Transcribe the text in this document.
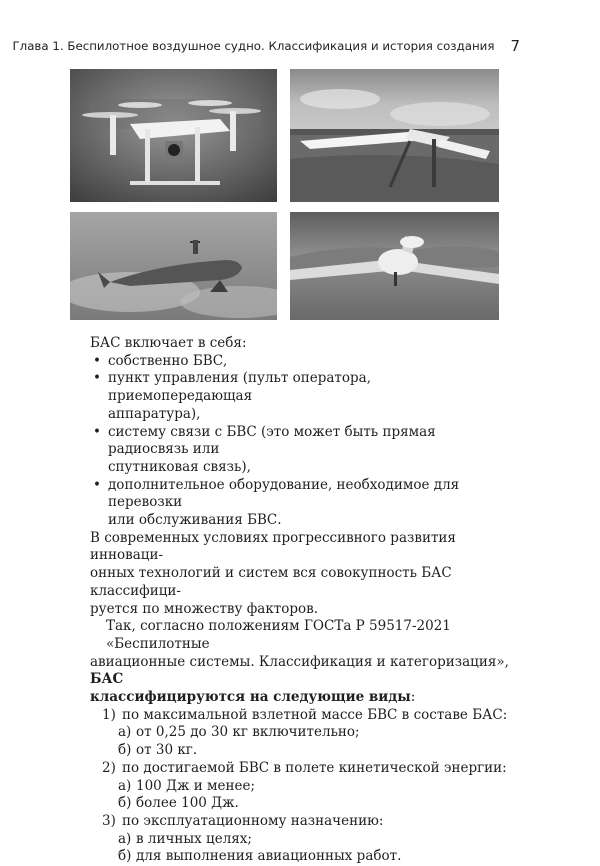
Глава 1. Беспилотное воздушное судно. Классификация и история создания 7

БАС включает в себя:

• собственно БВС,

• пункт управления (пульт оператора, приемопередающая

аппаратура),

• систему связи с БВС (это может быть прямая радиосвязь или

спутниковая связь),

• дополнительное оборудование, необходимое для перевозки

или обслуживания БВС.

В современных условиях прогрессивного развития инноваци-

онных технологий и систем вся совокупность БАС классифици-

руется по множеству факторов.

Так, согласно положениям ГОСТа Р 59517-2021 «Беспилотные

авиационные системы. Классификация и категоризация», БАС

классифицируются на следующие виды:

1) по максимальной взлетной массе БВС в составе БАС:

а) от 0,25 до 30 кг включительно;

б) от 30 кг.

2) по достигаемой БВС в полете кинетической энергии:

а) 100 Дж и менее;

б) более 100 Дж.

3) по эксплуатационному назначению:

а) в личных целях;

б) для выполнения авиационных работ.
